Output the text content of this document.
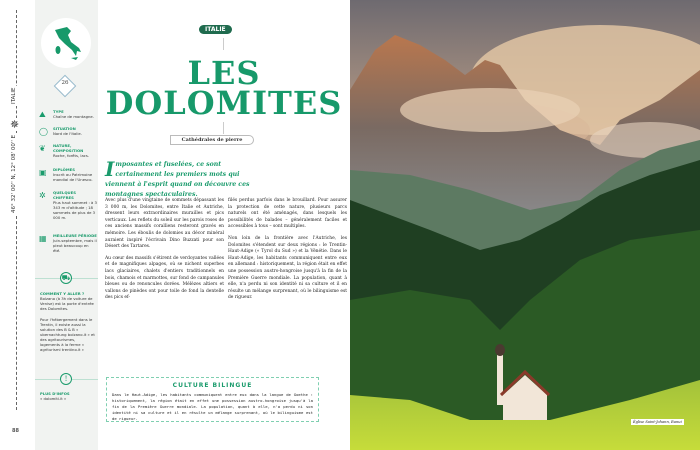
ITALIE
✵
46° 32' 00'' N, 12° 08' 00'' E
88
26
⛰	TYPE
Chaîne de montagne.
◯ SITUATION
Nord de l'Italie.
❦	NATURE, COMPOSITION
Roche, forêts, lacs.
▣	DIPLÔMES
Inscrit au Patrimoine mondial de l'Unesco.
✲	QUELQUES CHIFFRES
Plus haut sommet : à 3 343 m d'altitude ; 18 sommets de plus de 3 000 m.
▦	MEILLEURE PÉRIODE
Juin-septembre, mais il pleut beaucoup en été.
⛟
COMMENT Y ALLER ?
Bolzano (à 3h de voiture de Venise) est la porte d'entrée des Dolomites.

Pour l'hébergement dans le Trentin, il existe aussi la solution des B & B « ubernachtung bolzano.it » et des agritourismes, logements à la ferme « agriturismi trentino.it »
!
PLUS D'INFOS
« dolomiti.it »
ITALIE
LES
DOLOMITES
Cathédrales de pierre
Imposantes et fuselées, ce sont certainement les premiers mots qui viennent à l'esprit quand on découvre ces montagnes spectaculaires.

Avec plus d'une vingtaine de sommets dépassant les 3 000 m, les Dolomites, entre Italie et Autriche, dressent leurs extraordinaires murailles et pics verticaux. Les reflets du soleil sur les parois roses de ces anciens massifs coralliens resteront gravés en mémoire. Les éboulis de dolomies au décor minéral auraient inspiré l'écrivain Dino Buzzati pour son Désert des Tartares.

Au cœur des massifs s'étirent de verdoyantes vallées et de magnifiques alpages, où se nichent superbes lacs glaciaires, chalets d'entiers traditionnels en bois, chamois et marmottes, sur fond de campanules bleues ou de renoncules dorées. Mélèzes altiers et vallons de pinèdes ont pour toile de fond la dentelle des pics ef-

filés perdus parfois dans le brouillard. Pour assurer la protection de cette nature, plusieurs parcs naturels ont été aménagés, dans lesquels les possibilités de balades – généralement faciles et accessibles à tous – sont multiples.

Non loin de la frontière avec l'Autriche, les Dolomites s'étendent sur deux régions : le Trentin-Haut-Adige (« Tyrol du Sud ») et la Vénétie. Dans le Haut-Adige, les habitants communiquent entre eux en allemand : historiquement, la région était en effet une possession austro-hongroise jusqu'à la fin de la Première Guerre mondiale. La population, quant à elle, n'a perdu ni son identité ni sa culture et il en résulte un mélange surprenant, où le bilinguisme est de rigueur.

CULTURE BILINGUE

Dans le Haut-Adige, les habitants communiquent entre eux dans la langue de Goethe : historiquement, la région était en effet une possession austro-hongroise jusqu'à la fin de la Première Guerre mondiale. La population, quant à elle, n'a perdu ni son identité ni sa culture et il en résulte un mélange surprenant, où le bilinguisme est de rigueur.

Église Saint-Johann, Ranui
